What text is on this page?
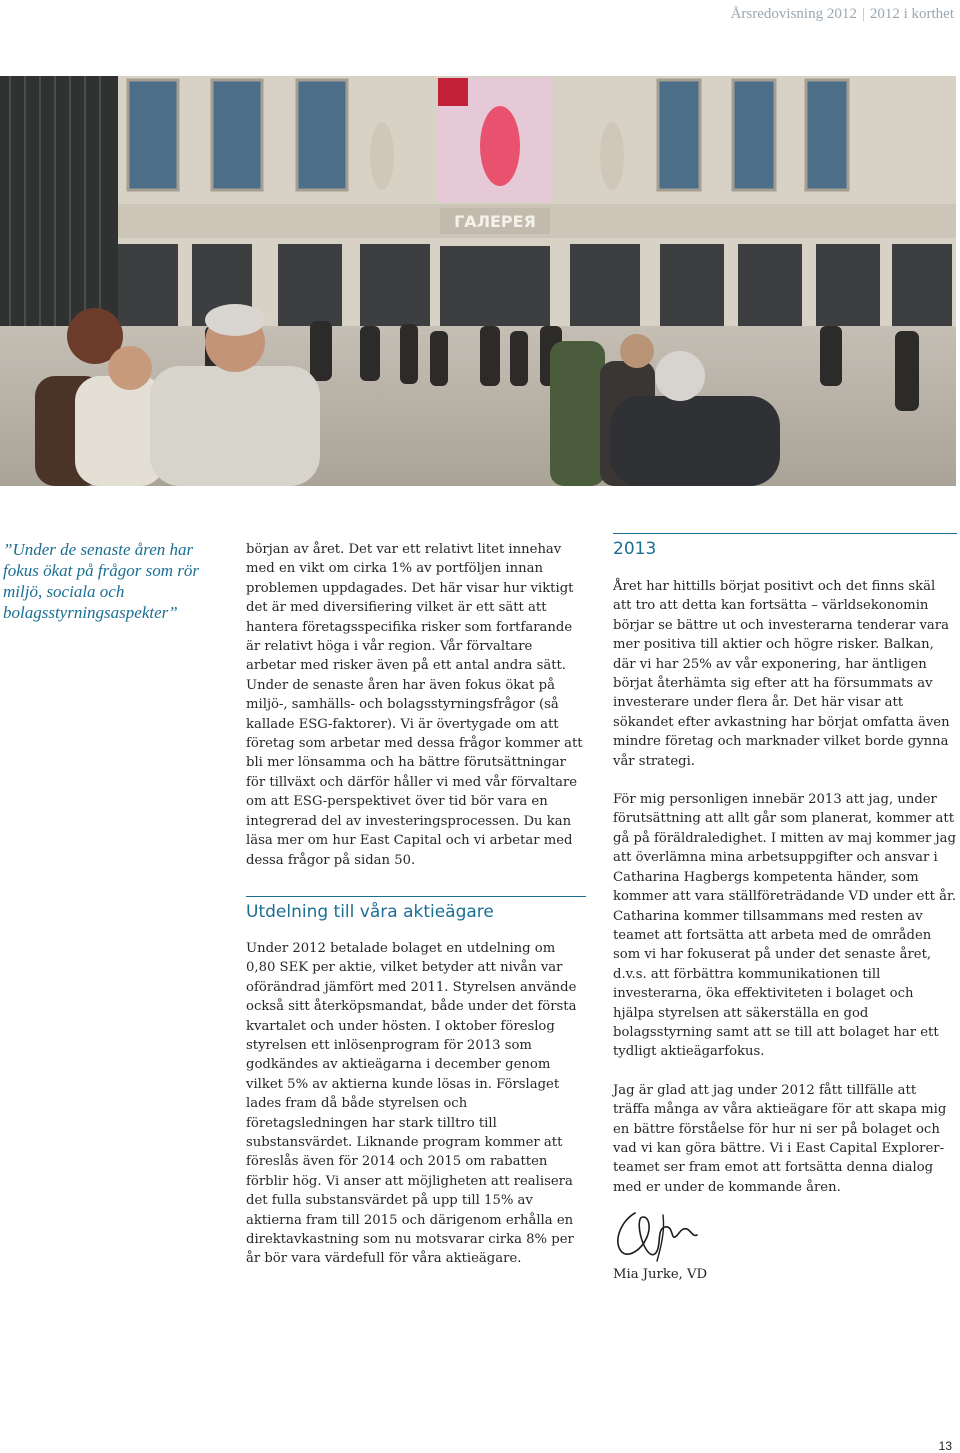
Årsredovisning 2012 | 2012 i korthet
ГАЛЕРЕЯ
”Under de senaste åren har fokus ökat på frågor som rör miljö, sociala och bolagsstyrningsaspekter”

början av året. Det var ett relativt litet innehav med en vikt om cirka 1% av portföljen innan problemen uppdagades. Det här visar hur viktigt det är med diversifiering vilket är ett sätt att hantera företagsspecifika risker som fortfarande är relativt höga i vår region. Vår förvaltare arbetar med risker även på ett antal andra sätt. Under de senaste åren har även fokus ökat på miljö-, samhälls- och bolagsstyrningsfrågor (så kallade ESG-faktorer). Vi är övertygade om att företag som arbetar med dessa frågor kommer att bli mer lönsamma och ha bättre förutsättningar för tillväxt och därför håller vi med vår förvaltare om att ESG-perspektivet över tid bör vara en integrerad del av investeringsprocessen. Du kan läsa mer om hur East Capital och vi arbetar med dessa frågor på sidan 50.

Utdelning till våra aktieägare

Under 2012 betalade bolaget en utdelning om 0,80 SEK per aktie, vilket betyder att nivån var oförändrad jämfört med 2011. Styrelsen använde också sitt återköpsmandat, både under det första kvartalet och under hösten. I oktober föreslog styrelsen ett inlösenprogram för 2013 som godkändes av aktieägarna i december genom vilket 5% av aktierna kunde lösas in. Förslaget lades fram då både styrelsen och företagsledningen har stark tilltro till substansvärdet. Liknande program kommer att föreslås även för 2014 och 2015 om rabatten förblir hög. Vi anser att möjligheten att realisera det fulla substansvärdet på upp till 15% av aktierna fram till 2015 och därigenom erhålla en direktavkastning som nu motsvarar cirka 8% per år bör vara värdefull för våra aktieägare.

2013

Året har hittills börjat positivt och det finns skäl att tro att detta kan fortsätta – världsekonomin börjar se bättre ut och investerarna tenderar vara mer positiva till aktier och högre risker. Balkan, där vi har 25% av vår exponering, har äntligen börjat återhämta sig efter att ha försummats av investerare under flera år. Det här visar att sökandet efter avkastning har börjat omfatta även mindre företag och marknader vilket borde gynna vår strategi.

För mig personligen innebär 2013 att jag, under förutsättning att allt går som planerat, kommer att gå på föräldraledighet. I mitten av maj kommer jag att överlämna mina arbetsuppgifter och ansvar i Catharina Hagbergs kompetenta händer, som kommer att vara ställföreträdande VD under ett år. Catharina kommer tillsammans med resten av teamet att fortsätta att arbeta med de områden som vi har fokuserat på under det senaste året, d.v.s. att förbättra kommunikationen till investerarna, öka effektiviteten i bolaget och hjälpa styrelsen att säkerställa en god bolagsstyrning samt att se till att bolaget har ett tydligt aktieägarfokus.

Jag är glad att jag under 2012 fått tillfälle att träffa många av våra aktieägare för att skapa mig en bättre förståelse för hur ni ser på bolaget och vad vi kan göra bättre. Vi i East Capital Explorer-teamet ser fram emot att fortsätta denna dialog med er under de kommande åren.

Mia Jurke, VD

13
